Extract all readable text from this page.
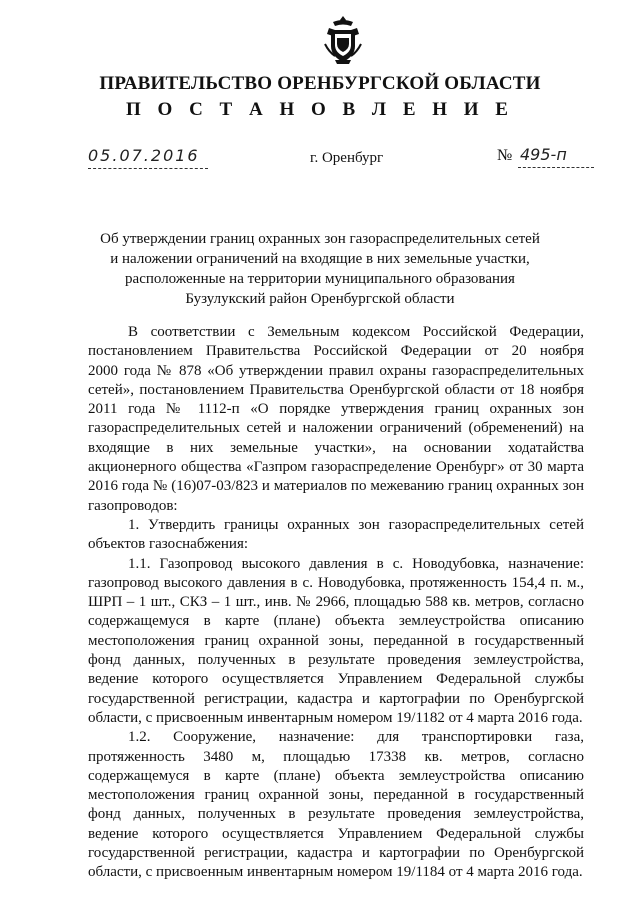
ПРАВИТЕЛЬСТВО ОРЕНБУРГСКОЙ ОБЛАСТИ
П О С Т А Н О В Л Е Н И Е
05.07.2016	г. Оренбург	№ 495-п
Об утверждении границ охранных зон газораспределительных сетей
и наложении ограничений на входящие в них земельные участки,
расположенные на территории муниципального образования
Бузулукский район Оренбургской области
В соответствии с Земельным кодексом Российской Федерации,
постановлением Правительства Российской Федерации от 20 ноября
2000 года № 878 «Об утверждении правил охраны газораспределительных
сетей», постановлением Правительства Оренбургской области от 18 ноября
2011 года № 1112-п «О порядке утверждения границ охранных зон
газораспределительных сетей и наложении ограничений (обременений) на
входящие в них земельные участки», на основании ходатайства
акционерного общества «Газпром газораспределение Оренбург» от 30 марта
2016 года № (16)07-03/823 и материалов по межеванию границ охранных зон
газопроводов:
1. Утвердить границы охранных зон газораспределительных сетей
объектов газоснабжения:
1.1. Газопровод высокого давления в с. Новодубовка, назначение:
газопровод высокого давления в с. Новодубовка, протяженность 154,4 п. м.,
ШРП – 1 шт., СКЗ – 1 шт., инв. № 2966, площадью 588 кв. метров, согласно
содержащемуся в карте (плане) объекта землеустройства описанию
местоположения границ охранной зоны, переданной в государственный
фонд данных, полученных в результате проведения землеустройства,
ведение которого осуществляется Управлением Федеральной службы
государственной регистрации, кадастра и картографии по Оренбургской
области, с присвоенным инвентарным номером 19/1182 от 4 марта 2016 года.
1.2. Сооружение, назначение: для транспортировки газа,
протяженность 3480 м, площадью 17338 кв. метров, согласно
содержащемуся в карте (плане) объекта землеустройства описанию
местоположения границ охранной зоны, переданной в государственный
фонд данных, полученных в результате проведения землеустройства,
ведение которого осуществляется Управлением Федеральной службы
государственной регистрации, кадастра и картографии по Оренбургской
области, с присвоенным инвентарным номером 19/1184 от 4 марта 2016 года.
